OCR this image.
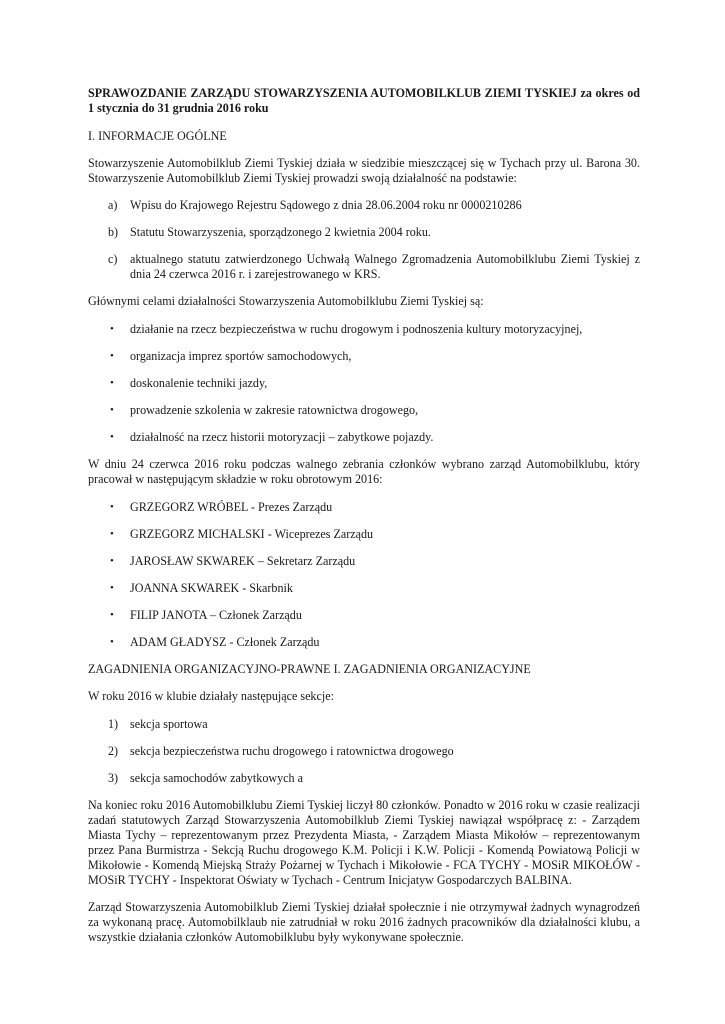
SPRAWOZDANIE ZARZĄDU STOWARZYSZENIA AUTOMOBILKLUB ZIEMI TYSKIEJ za okres od 1 stycznia do 31 grudnia 2016 roku

I. INFORMACJE OGÓLNE

Stowarzyszenie Automobilklub Ziemi Tyskiej działa w siedzibie mieszczącej się w Tychach przy ul. Barona 30. Stowarzyszenie Automobilklub Ziemi Tyskiej prowadzi swoją działalność na podstawie:

a) Wpisu do Krajowego Rejestru Sądowego z dnia 28.06.2004 roku nr 0000210286
b) Statutu Stowarzyszenia, sporządzonego 2 kwietnia 2004 roku.
c) aktualnego statutu zatwierdzonego Uchwałą Walnego Zgromadzenia Automobilklubu Ziemi Tyskiej z dnia 24 czerwca 2016 r. i zarejestrowanego w KRS.

Głównymi celami działalności Stowarzyszenia Automobilklubu Ziemi Tyskiej są:

• działanie na rzecz bezpieczeństwa w ruchu drogowym i podnoszenia kultury motoryzacyjnej,
• organizacja imprez sportów samochodowych,
• doskonalenie techniki jazdy,
• prowadzenie szkolenia w zakresie ratownictwa drogowego,
• działalność na rzecz historii motoryzacji – zabytkowe pojazdy.

W dniu 24 czerwca 2016 roku podczas walnego zebrania członków wybrano zarząd Automobilklubu, który pracował w następującym składzie w roku obrotowym 2016:

• GRZEGORZ WRÓBEL - Prezes Zarządu
• GRZEGORZ MICHALSKI - Wiceprezes Zarządu
• JAROSŁAW SKWAREK – Sekretarz Zarządu
• JOANNA SKWAREK - Skarbnik
• FILIP JANOTA – Członek Zarządu
• ADAM GŁADYSZ - Członek Zarządu

ZAGADNIENIA ORGANIZACYJNO-PRAWNE I. ZAGADNIENIA ORGANIZACYJNE

W roku 2016 w klubie działały następujące sekcje:

1) sekcja sportowa
2) sekcja bezpieczeństwa ruchu drogowego i ratownictwa drogowego
3) sekcja samochodów zabytkowych a

Na koniec roku 2016 Automobilklubu Ziemi Tyskiej liczył 80 członków. Ponadto w 2016 roku w czasie realizacji zadań statutowych Zarząd Stowarzyszenia Automobilklub Ziemi Tyskiej nawiązał współpracę z: - Zarządem Miasta Tychy – reprezentowanym przez Prezydenta Miasta, - Zarządem Miasta Mikołów – reprezentowanym przez Pana Burmistrza - Sekcją Ruchu drogowego K.M. Policji i K.W. Policji - Komendą Powiatową Policji w Mikołowie - Komendą Miejską Straży Pożarnej w Tychach i Mikołowie - FCA TYCHY - MOSiR MIKOŁÓW - MOSiR TYCHY - Inspektorat Oświaty w Tychach - Centrum Inicjatyw Gospodarczych BALBINA.

Zarząd Stowarzyszenia Automobilklub Ziemi Tyskiej działał społecznie i nie otrzymywał żadnych wynagrodzeń za wykonaną pracę. Automobilklaub nie zatrudniał w roku 2016 żadnych pracowników dla działalności klubu, a wszystkie działania członków Automobilklubu były wykonywane społecznie.
